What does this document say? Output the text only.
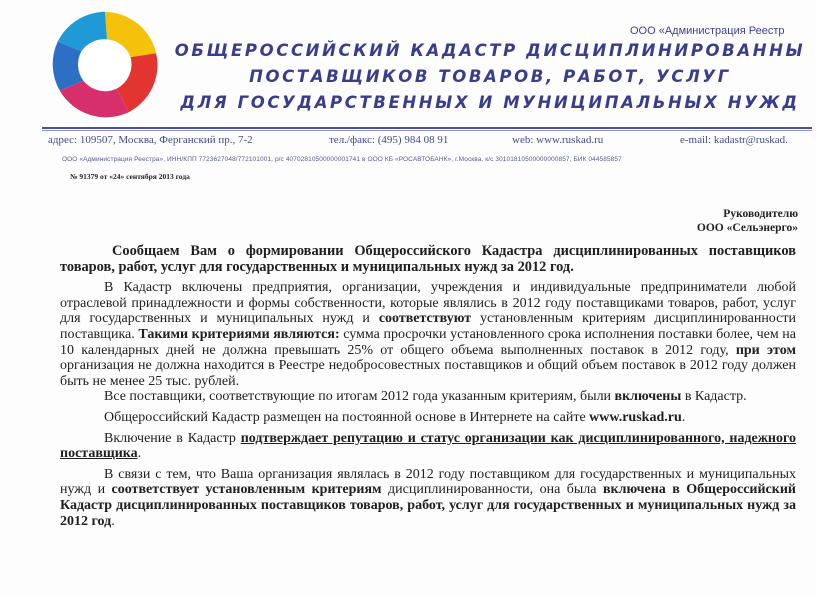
ООО «Администрация Реестр
ОБЩЕРОССИЙСКИЙ КАДАСТР ДИСЦИПЛИНИРОВАННЫ
ПОСТАВЩИКОВ ТОВАРОВ, РАБОТ, УСЛУГ
ДЛЯ ГОСУДАРСТВЕННЫХ И МУНИЦИПАЛЬНЫХ НУЖД
адрес: 109507, Москва, Ферганский пр., 7-2	тел./факс: (495) 984 08 91	web: www.ruskad.ru	e-mail: kadastr@ruskad.
ООО «Администрация Реестра», ИНН/КПП 7723627048/772101001, р/с 40702810500000001741 в ООО КБ «РОСАВТОБАНК», г.Москва, к/с 30101810500000000857, БИК 044585857
№ 91379 от «24» сентября 2013 года
Руководителю
ООО «Сельэнерго»

Сообщаем Вам о формировании Общероссийского Кадастра дисциплинированных поставщиков товаров, работ, услуг для государственных и муниципальных нужд за 2012 год.

В Кадастр включены предприятия, организации, учреждения и индивидуальные предприниматели любой отраслевой принадлежности и формы собственности, которые являлись в 2012 году поставщиками товаров, работ, услуг для государственных и муниципальных нужд и соответствуют установленным критериям дисциплинированности поставщика. Такими критериями являются: сумма просрочки установленного срока исполнения поставки более, чем на 10 календарных дней не должна превышать 25% от общего объема выполненных поставок в 2012 году, при этом организация не должна находится в Реестре недобросовестных поставщиков и общий объем поставок в 2012 году должен быть не менее 25 тыс. рублей.

Все поставщики, соответствующие по итогам 2012 года указанным критериям, были включены в Кадастр.

Общероссийский Кадастр размещен на постоянной основе в Интернете на сайте www.ruskad.ru.

Включение в Кадастр подтверждает репутацию и статус организации как дисциплинированного, надежного поставщика.

В связи с тем, что Ваша организация являлась в 2012 году поставщиком для государственных и муниципальных нужд и соответствует установленным критериям дисциплинированности, она была включена в Общероссийский Кадастр дисциплинированных поставщиков товаров, работ, услуг для государственных и муниципальных нужд за 2012 год.
